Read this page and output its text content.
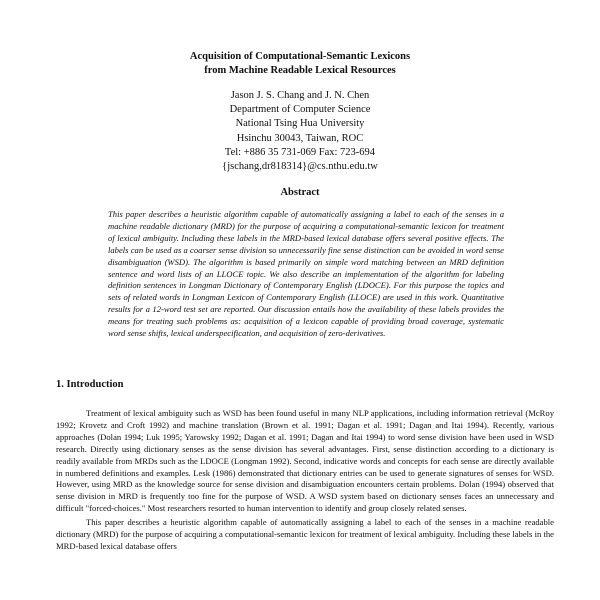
Acquisition of Computational-Semantic Lexicons
from Machine Readable Lexical Resources
Jason J. S. Chang and J. N. Chen
Department of Computer Science
National Tsing Hua University
Hsinchu 30043, Taiwan, ROC
Tel: +886 35 731-069 Fax: 723-694
{jschang,dr818314}@cs.nthu.edu.tw
Abstract
This paper describes a heuristic algorithm capable of automatically assigning a label to each of the senses in a machine readable dictionary (MRD) for the purpose of acquiring a computational-semantic lexicon for treatment of lexical ambiguity. Including these labels in the MRD-based lexical database offers several positive effects. The labels can be used as a coarser sense division so unnecessarily fine sense distinction can be avoided in word sense disambiguation (WSD). The algorithm is based primarily on simple word matching between an MRD definition sentence and word lists of an LLOCE topic. We also describe an implementation of the algorithm for labeling definition sentences in Longman Dictionary of Contemporary English (LDOCE). For this purpose the topics and sets of related words in Longman Lexicon of Contemporary English (LLOCE) are used in this work. Quantitative results for a 12-word test set are reported. Our discussion entails how the availability of these labels provides the means for treating such problems as: acquisition of a lexicon capable of providing broad coverage, systematic word sense shifts, lexical underspecification, and acquisition of zero-derivatives.
1. Introduction

Treatment of lexical ambiguity such as WSD has been found useful in many NLP applications, including information retrieval (McRoy 1992; Krovetz and Croft 1992) and machine translation (Brown et al. 1991; Dagan et al. 1991; Dagan and Itai 1994). Recently, various approaches (Dolan 1994; Luk 1995; Yarowsky 1992; Dagan et al. 1991; Dagan and Itai 1994) to word sense division have been used in WSD research. Directly using dictionary senses as the sense division has several advantages. First, sense distinction according to a dictionary is readily available from MRDs such as the LDOCE (Longman 1992). Second, indicative words and concepts for each sense are directly available in numbered definitions and examples. Lesk (1986) demonstrated that dictionary entries can be used to generate signatures of senses for WSD. However, using MRD as the knowledge source for sense division and disambiguation encounters certain problems. Dolan (1994) observed that sense division in MRD is frequently too fine for the purpose of WSD. A WSD system based on dictionary senses faces an unnecessary and difficult "forced-choices." Most researchers resorted to human intervention to identify and group closely related senses.

This paper describes a heuristic algorithm capable of automatically assigning a label to each of the senses in a machine readable dictionary (MRD) for the purpose of acquiring a computational-semantic lexicon for treatment of lexical ambiguity. Including these labels in the MRD-based lexical database offers
